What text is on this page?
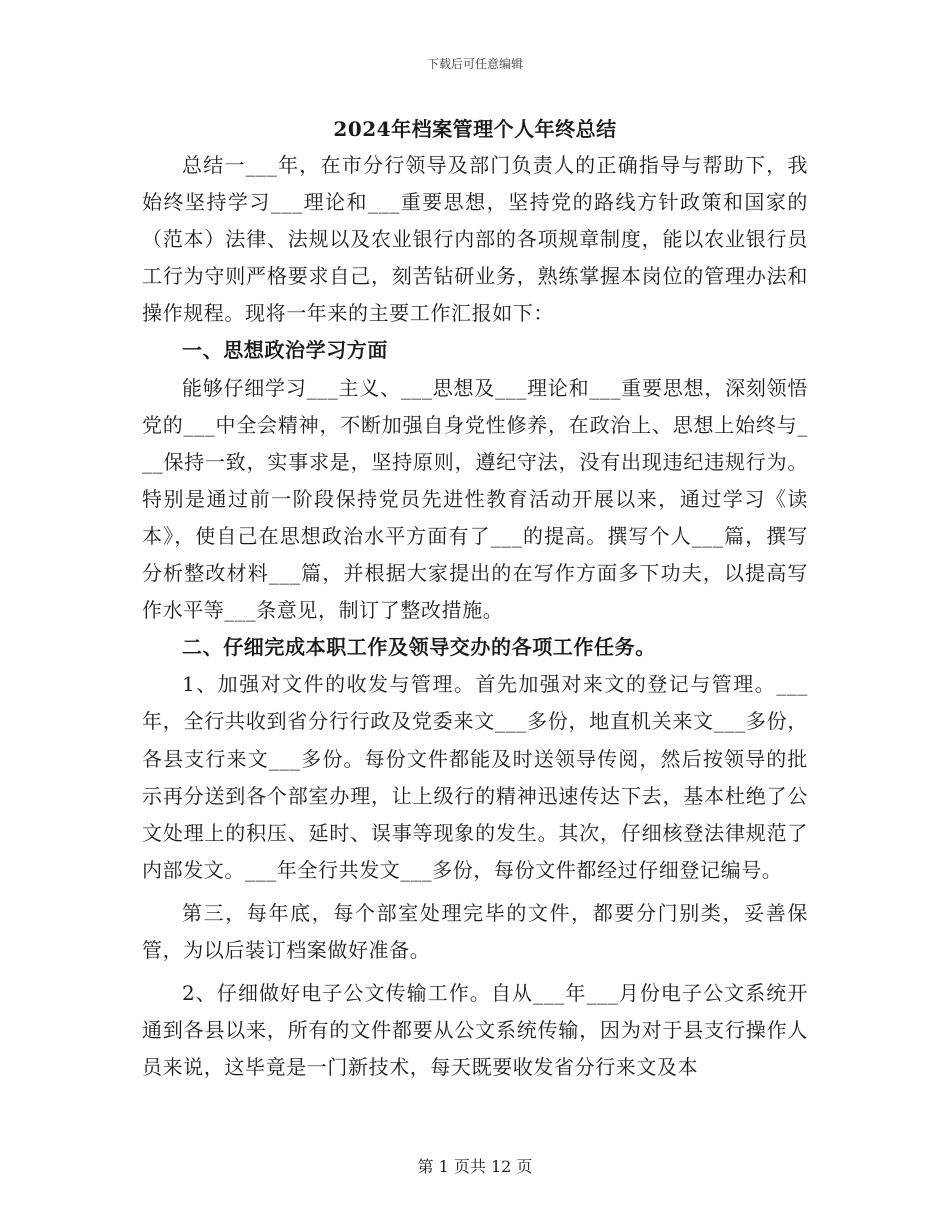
下载后可任意编辑
2024年档案管理个人年终总结

总结一___年，在市分行领导及部门负责人的正确指导与帮助下，我始终坚持学习___理论和___重要思想，坚持党的路线方针政策和国家的（范本）法律、法规以及农业银行内部的各项规章制度，能以农业银行员工行为守则严格要求自己，刻苦钻研业务，熟练掌握本岗位的管理办法和操作规程。现将一年来的主要工作汇报如下：

一、思想政治学习方面

能够仔细学习___主义、___思想及___理论和___重要思想，深刻领悟党的___中全会精神，不断加强自身党性修养，在政治上、思想上始终与___保持一致，实事求是，坚持原则，遵纪守法，没有出现违纪违规行为。特别是通过前一阶段保持党员先进性教育活动开展以来，通过学习《读本》，使自己在思想政治水平方面有了___的提高。撰写个人___篇，撰写分析整改材料___篇，并根据大家提出的在写作方面多下功夫，以提高写作水平等___条意见，制订了整改措施。

二、仔细完成本职工作及领导交办的各项工作任务。

1、加强对文件的收发与管理。首先加强对来文的登记与管理。___年，全行共收到省分行行政及党委来文___多份，地直机关来文___多份，各县支行来文___多份。每份文件都能及时送领导传阅，然后按领导的批示再分送到各个部室办理，让上级行的精神迅速传达下去，基本杜绝了公文处理上的积压、延时、误事等现象的发生。其次，仔细核登法律规范了内部发文。___年全行共发文___多份，每份文件都经过仔细登记编号。

第三，每年底，每个部室处理完毕的文件，都要分门别类，妥善保管，为以后装订档案做好准备。

2、仔细做好电子公文传输工作。自从___年___月份电子公文系统开通到各县以来，所有的文件都要从公文系统传输，因为对于县支行操作人员来说，这毕竟是一门新技术，每天既要收发省分行来文及本

第 1 页共 12 页
